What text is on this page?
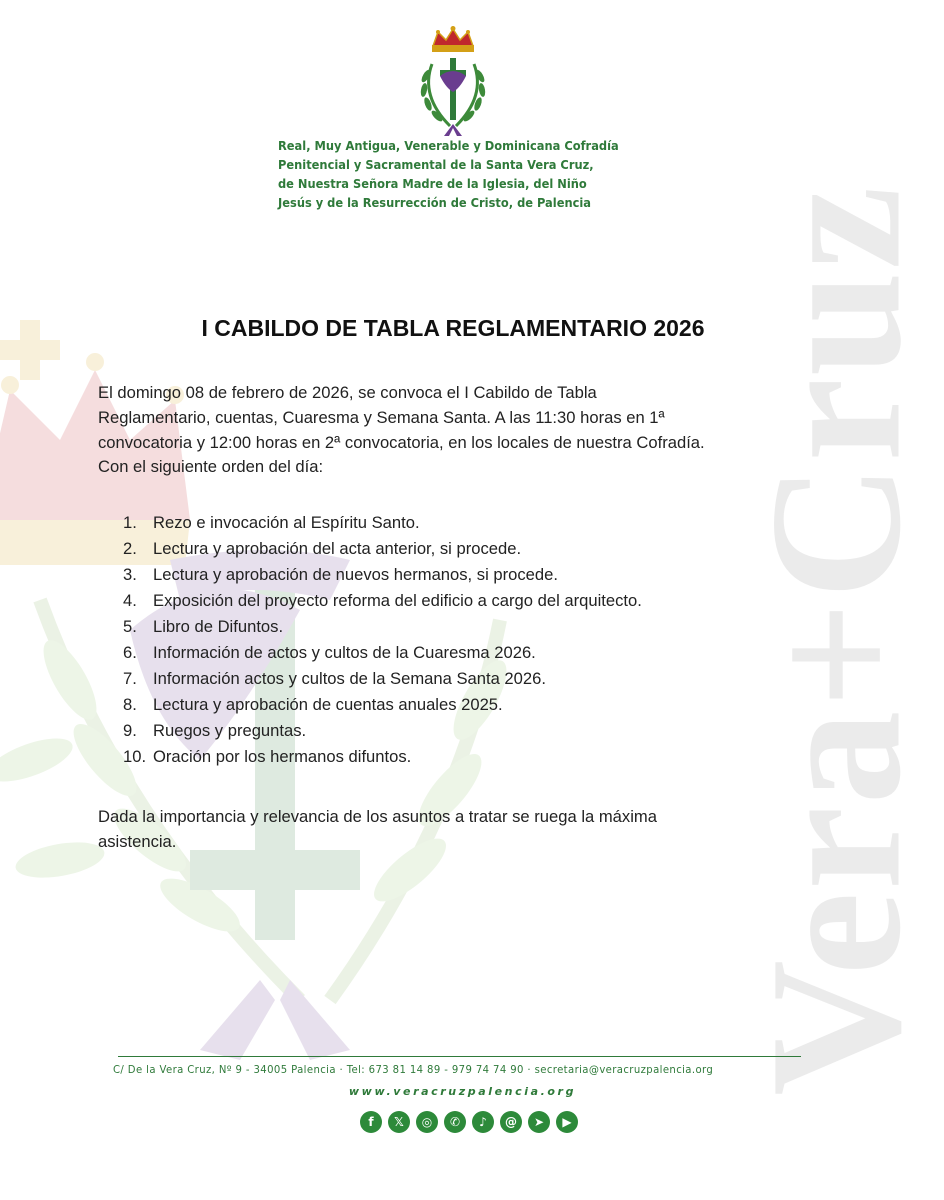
Vera+Cruz
Real, Muy Antigua, Venerable y Dominicana Cofradía
Penitencial y Sacramental de la Santa Vera Cruz,
de Nuestra Señora Madre de la Iglesia, del Niño
Jesús y de la Resurrección de Cristo, de Palencia
I CABILDO DE TABLA REGLAMENTARIO 2026
El domingo 08 de febrero de 2026, se convoca el I Cabildo de Tabla
Reglamentario, cuentas, Cuaresma y Semana Santa. A las 11:30 horas en 1ª
convocatoria y 12:00 horas en 2ª convocatoria, en los locales de nuestra Cofradía.
Con el siguiente orden del día:
1. Rezo e invocación al Espíritu Santo.
2. Lectura y aprobación del acta anterior, si procede.
3. Lectura y aprobación de nuevos hermanos, si procede.
4. Exposición del proyecto reforma del edificio a cargo del arquitecto.
5. Libro de Difuntos.
6. Información de actos y cultos de la Cuaresma 2026.
7. Información actos y cultos de la Semana Santa 2026.
8. Lectura y aprobación de cuentas anuales 2025.
9. Ruegos y preguntas.
10. Oración por los hermanos difuntos.
Dada la importancia y relevancia de los asuntos a tratar se ruega la máxima
asistencia.
C/ De la Vera Cruz, Nº 9 - 34005 Palencia · Tel: 673 81 14 89 - 979 74 74 90 · secretaria@veracruzpalencia.org
www.veracruzpalencia.org
f	𝕏	◎	✆	♪	@	➤	▶
